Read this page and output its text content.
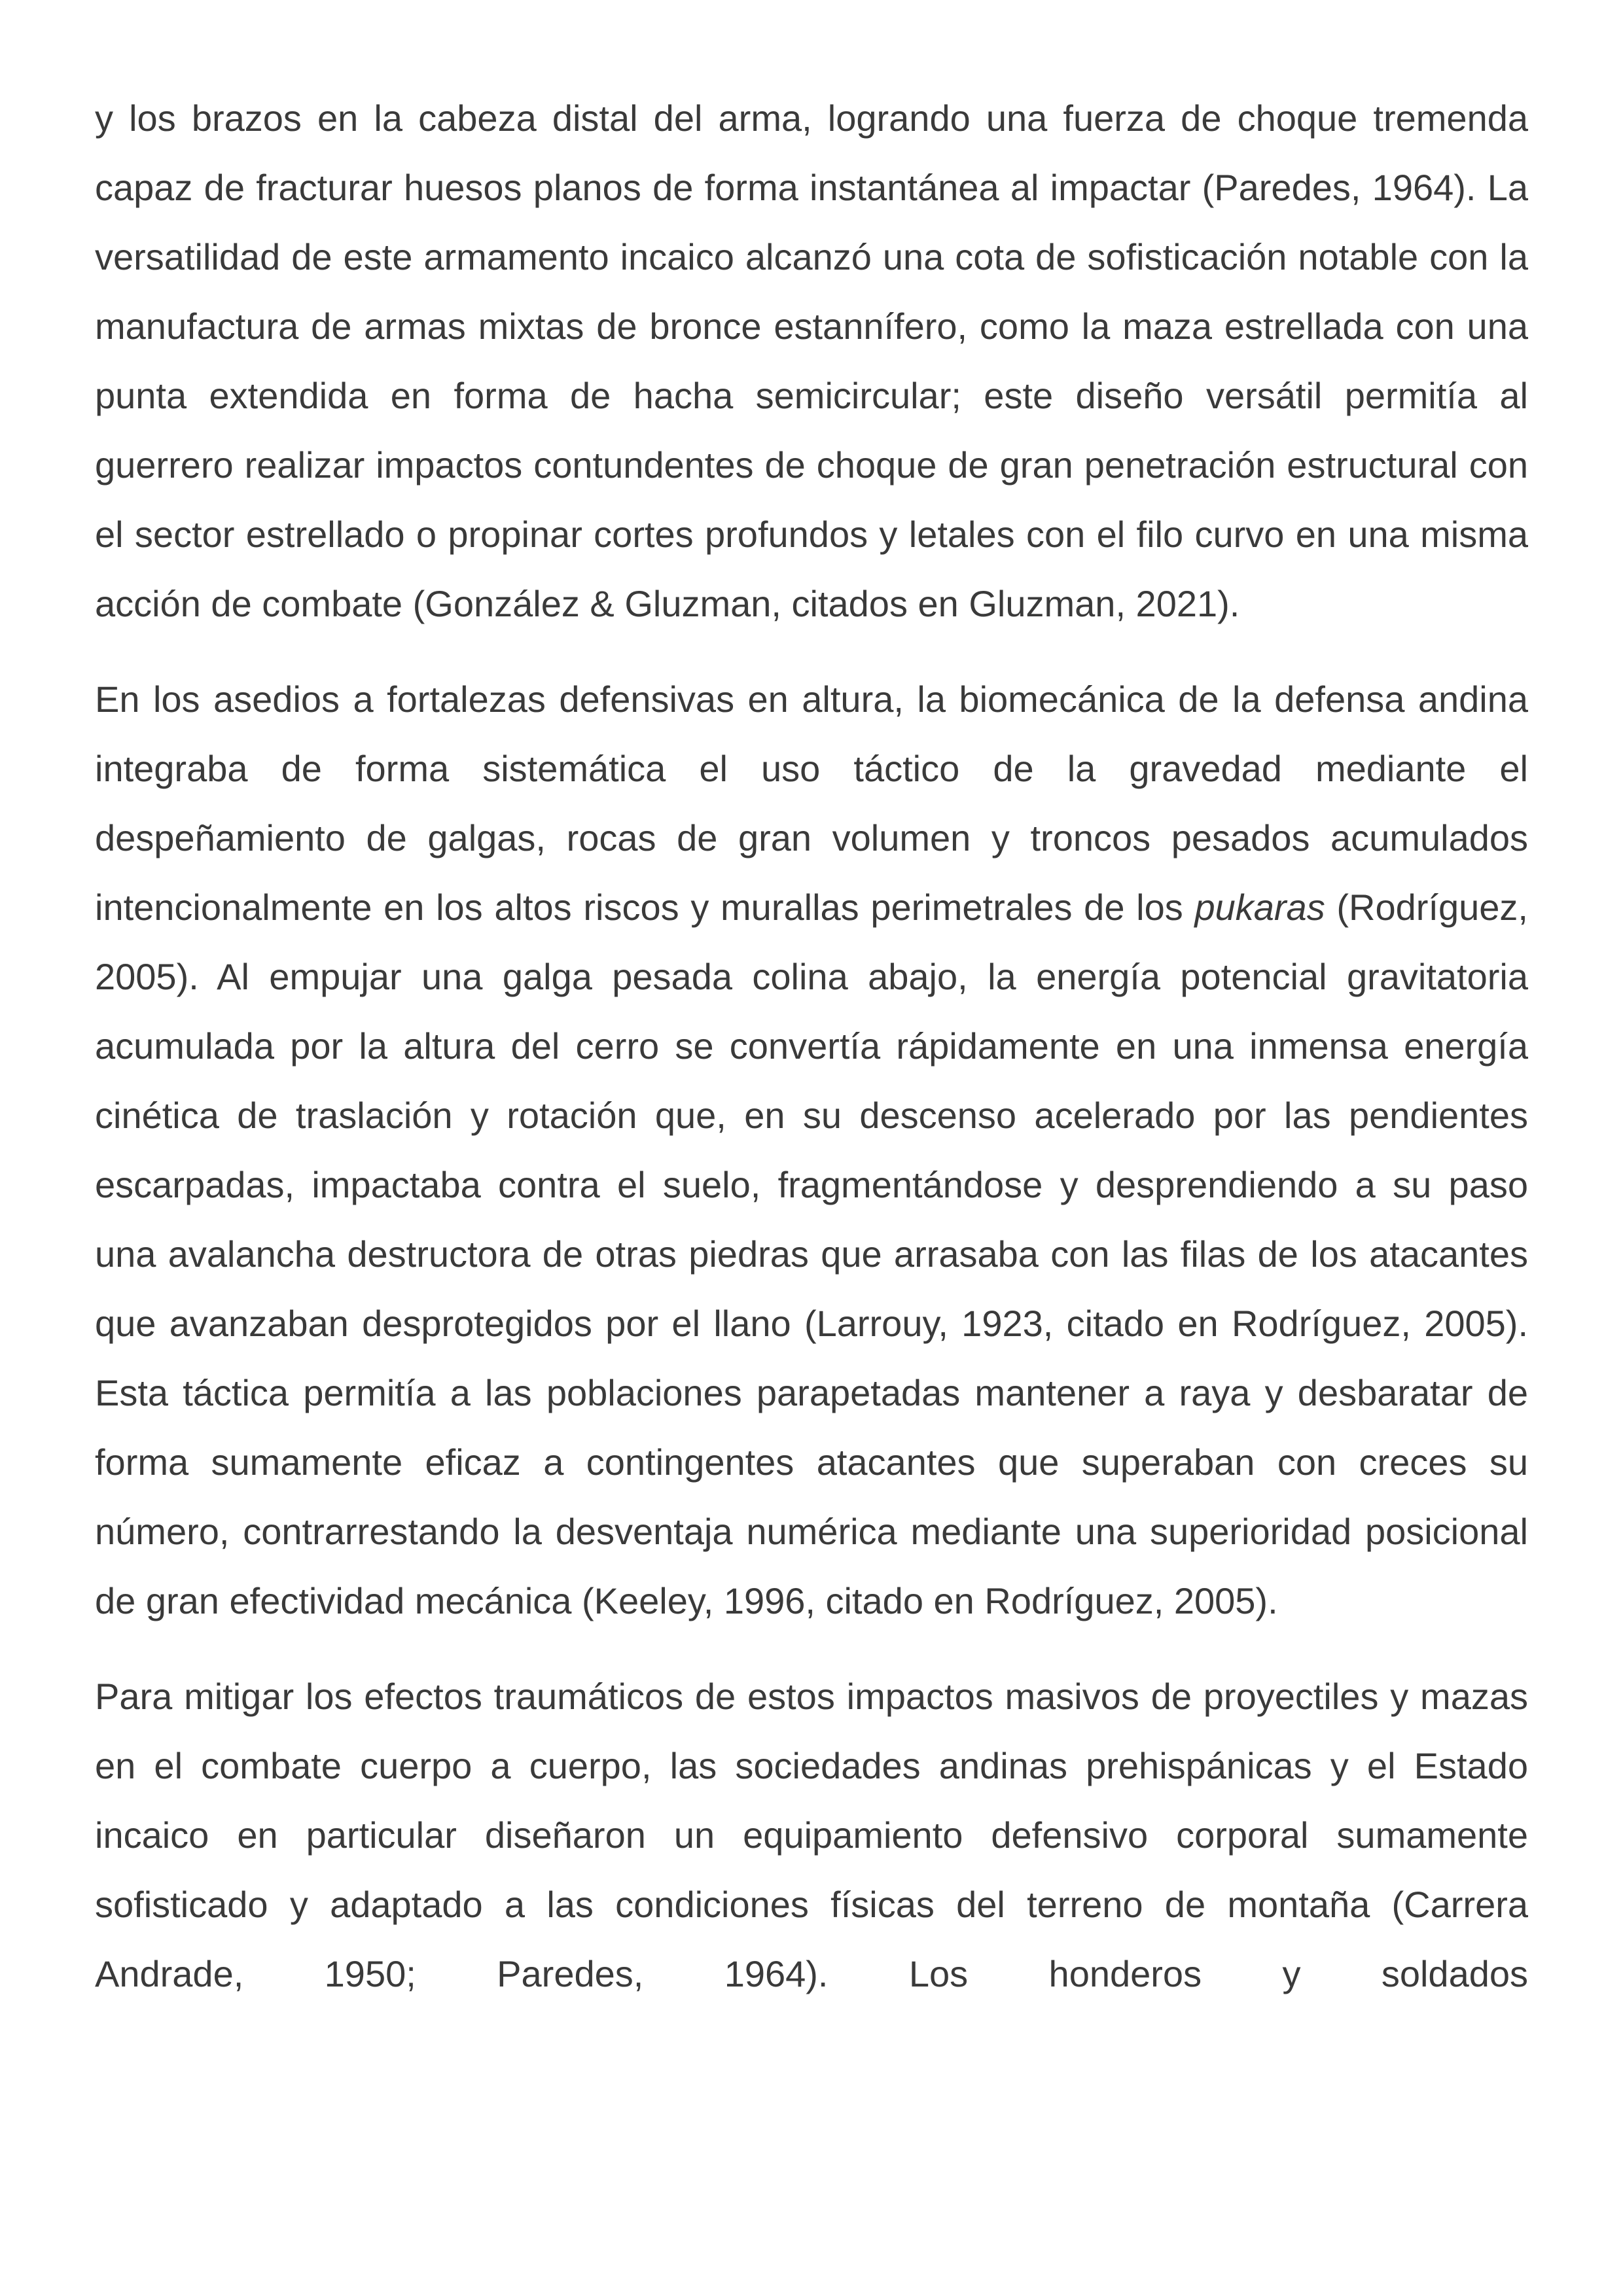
y los brazos en la cabeza distal del arma, logrando una fuerza de choque tremenda capaz de fracturar huesos planos de forma instantánea al impactar (Paredes, 1964). La versatilidad de este armamento incaico alcanzó una cota de sofisticación notable con la manufactura de armas mixtas de bronce estannífero, como la maza estrellada con una punta extendida en forma de hacha semicircular; este diseño versátil permitía al guerrero realizar impactos contundentes de choque de gran penetración estructural con el sector estrellado o propinar cortes profundos y letales con el filo curvo en una misma acción de combate (González & Gluzman, citados en Gluzman, 2021).

En los asedios a fortalezas defensivas en altura, la biomecánica de la defensa andina integraba de forma sistemática el uso táctico de la gravedad mediante el despeñamiento de galgas, rocas de gran volumen y troncos pesados acumulados intencionalmente en los altos riscos y murallas perimetrales de los pukaras (Rodríguez, 2005). Al empujar una galga pesada colina abajo, la energía potencial gravitatoria acumulada por la altura del cerro se convertía rápidamente en una inmensa energía cinética de traslación y rotación que, en su descenso acelerado por las pendientes escarpadas, impactaba contra el suelo, fragmentándose y desprendiendo a su paso una avalancha destructora de otras piedras que arrasaba con las filas de los atacantes que avanzaban desprotegidos por el llano (Larrouy, 1923, citado en Rodríguez, 2005). Esta táctica permitía a las poblaciones parapetadas mantener a raya y desbaratar de forma sumamente eficaz a contingentes atacantes que superaban con creces su número, contrarrestando la desventaja numérica mediante una superioridad posicional de gran efectividad mecánica (Keeley, 1996, citado en Rodríguez, 2005).

Para mitigar los efectos traumáticos de estos impactos masivos de proyectiles y mazas en el combate cuerpo a cuerpo, las sociedades andinas prehispánicas y el Estado incaico en particular diseñaron un equipamiento defensivo corporal sumamente sofisticado y adaptado a las condiciones físicas del terreno de montaña (Carrera Andrade, 1950; Paredes, 1964). Los honderos y soldados
